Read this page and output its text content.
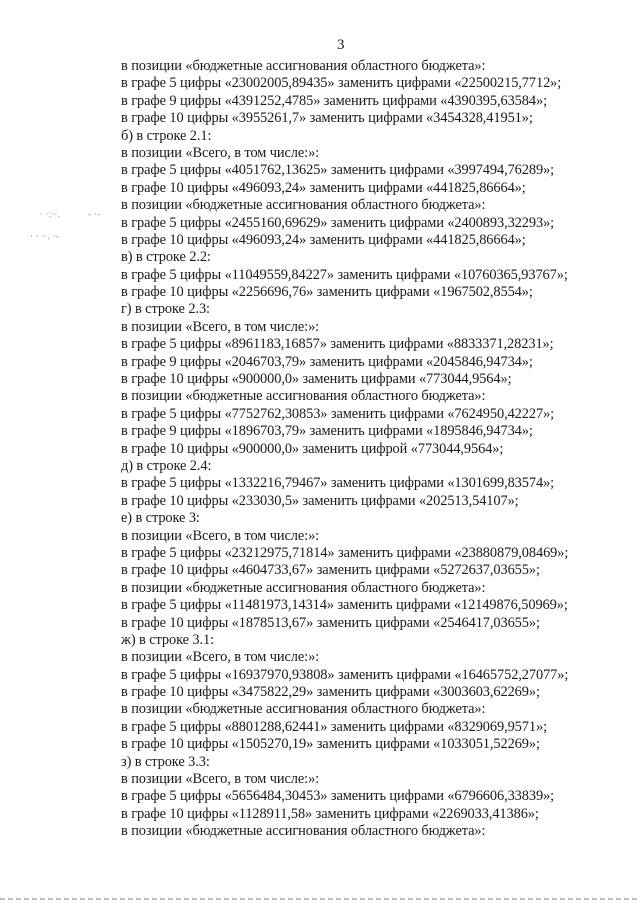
3
· ·:··.	- ·-
· · ··. ·-
в позиции «бюджетные ассигнования областного бюджета»:
в графе 5 цифры «23002005,89435» заменить цифрами «22500215,7712»;
в графе 9 цифры «4391252,4785» заменить цифрами «4390395,63584»;
в графе 10 цифры «3955261,7» заменить цифрами «3454328,41951»;
б) в строке 2.1:
в позиции «Всего, в том числе:»:
в графе 5 цифры «4051762,13625» заменить цифрами «3997494,76289»;
в графе 10 цифры «496093,24» заменить цифрами «441825,86664»;
в позиции «бюджетные ассигнования областного бюджета»:
в графе 5 цифры «2455160,69629» заменить цифрами «2400893,32293»;
в графе 10 цифры «496093,24» заменить цифрами «441825,86664»;
в) в строке 2.2:
в графе 5 цифры «11049559,84227» заменить цифрами «10760365,93767»;
в графе 10 цифры «2256696,76» заменить цифрами «1967502,8554»;
г) в строке 2.3:
в позиции «Всего, в том числе:»:
в графе 5 цифры «8961183,16857» заменить цифрами «8833371,28231»;
в графе 9 цифры «2046703,79» заменить цифрами «2045846,94734»;
в графе 10 цифры «900000,0» заменить цифрами «773044,9564»;
в позиции «бюджетные ассигнования областного бюджета»:
в графе 5 цифры «7752762,30853» заменить цифрами «7624950,42227»;
в графе 9 цифры «1896703,79» заменить цифрами «1895846,94734»;
в графе 10 цифры «900000,0» заменить цифрой «773044,9564»;
д) в строке 2.4:
в графе 5 цифры «1332216,79467» заменить цифрами «1301699,83574»;
в графе 10 цифры «233030,5» заменить цифрами «202513,54107»;
е) в строке 3:
в позиции «Всего, в том числе:»:
в графе 5 цифры «23212975,71814» заменить цифрами «23880879,08469»;
в графе 10 цифры «4604733,67» заменить цифрами «5272637,03655»;
в позиции «бюджетные ассигнования областного бюджета»:
в графе 5 цифры «11481973,14314» заменить цифрами «12149876,50969»;
в графе 10 цифры «1878513,67» заменить цифрами «2546417,03655»;
ж) в строке 3.1:
в позиции «Всего, в том числе:»:
в графе 5 цифры «16937970,93808» заменить цифрами «16465752,27077»;
в графе 10 цифры «3475822,29» заменить цифрами «3003603,62269»;
в позиции «бюджетные ассигнования областного бюджета»:
в графе 5 цифры «8801288,62441» заменить цифрами «8329069,9571»;
в графе 10 цифры «1505270,19» заменить цифрами «1033051,52269»;
з) в строке 3.3:
в позиции «Всего, в том числе:»:
в графе 5 цифры «5656484,30453» заменить цифрами «6796606,33839»;
в графе 10 цифры «1128911,58» заменить цифрами «2269033,41386»;
в позиции «бюджетные ассигнования областного бюджета»:
